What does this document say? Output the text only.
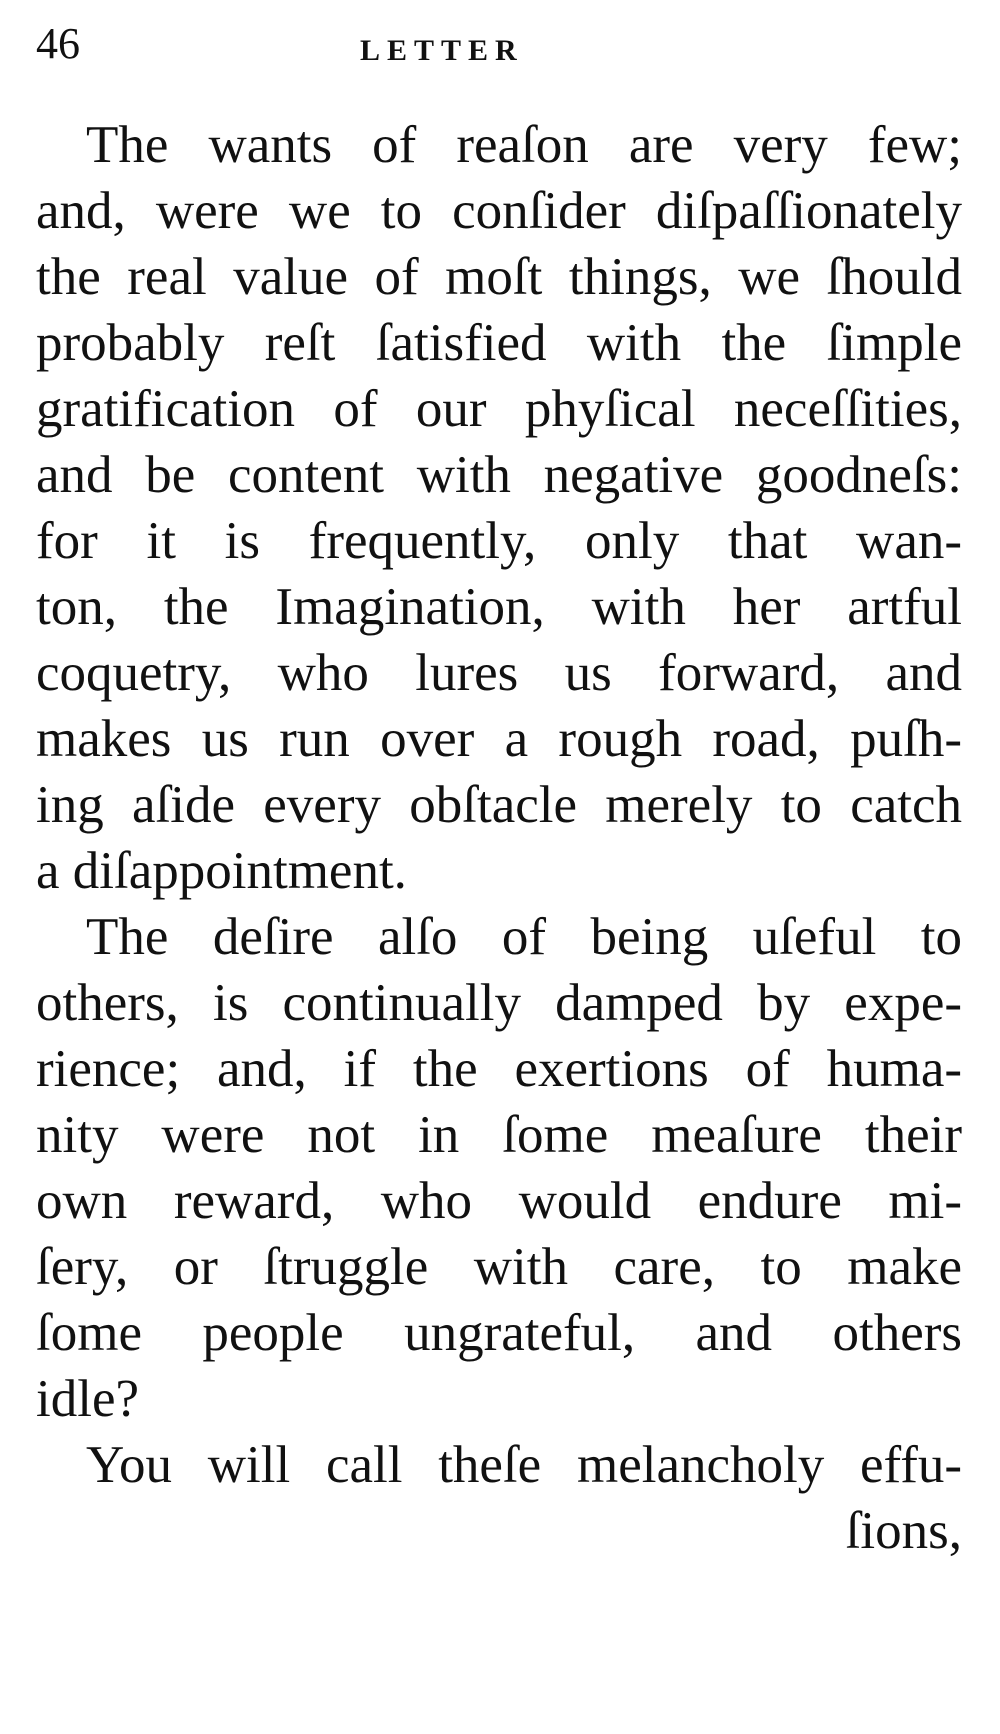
46	LETTER
The wants of reaſon are very few;
and, were we to conſider diſpaſſionately
the real value of moſt things, we ſhould
probably reſt ſatisfied with the ſimple
gratification of our phyſical neceſſities,
and be content with negative goodneſs:
for it is frequently, only that wan-
ton, the Imagination, with her artful
coquetry, who lures us forward, and
makes us run over a rough road, puſh-
ing aſide every obſtacle merely to catch
a diſappointment.
The deſire alſo of being uſeful to
others, is continually damped by expe-
rience; and, if the exertions of huma-
nity were not in ſome meaſure their
own reward, who would endure mi-
ſery, or ſtruggle with care, to make
ſome people ungrateful, and others
idle?
You will call theſe melancholy effu-
ſions,
